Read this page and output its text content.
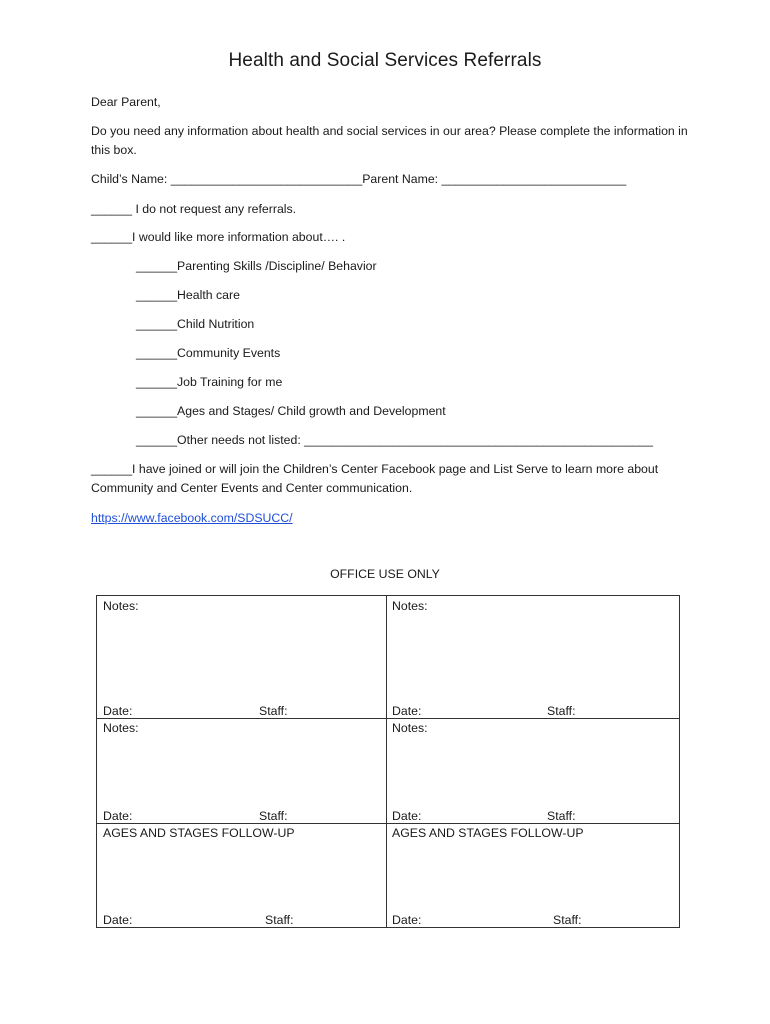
Health and Social Services Referrals
Dear Parent,
Do you need any information about health and social services in our area? Please complete the information in this box.
Child’s Name: ____________________________Parent Name: ___________________________
______ I do not request any referrals.
______I would like more information about…. .
______Parenting Skills /Discipline/ Behavior
______Health care
______Child Nutrition
______Community Events
______Job Training for me
______Ages and Stages/ Child growth and Development
______Other needs not listed: ___________________________________________________
______I have joined or will join the Children’s Center Facebook page and List Serve to learn more about Community and Center Events and Center communication.
https://www.facebook.com/SDSUCC/
OFFICE USE ONLY
Notes:
Date:	Staff:
Notes:
Date:	Staff:
Notes:
Date:	Staff:
Notes:
Date:	Staff:
AGES AND STAGES FOLLOW-UP
Date:	Staff:
AGES AND STAGES FOLLOW-UP
Date:	Staff:
